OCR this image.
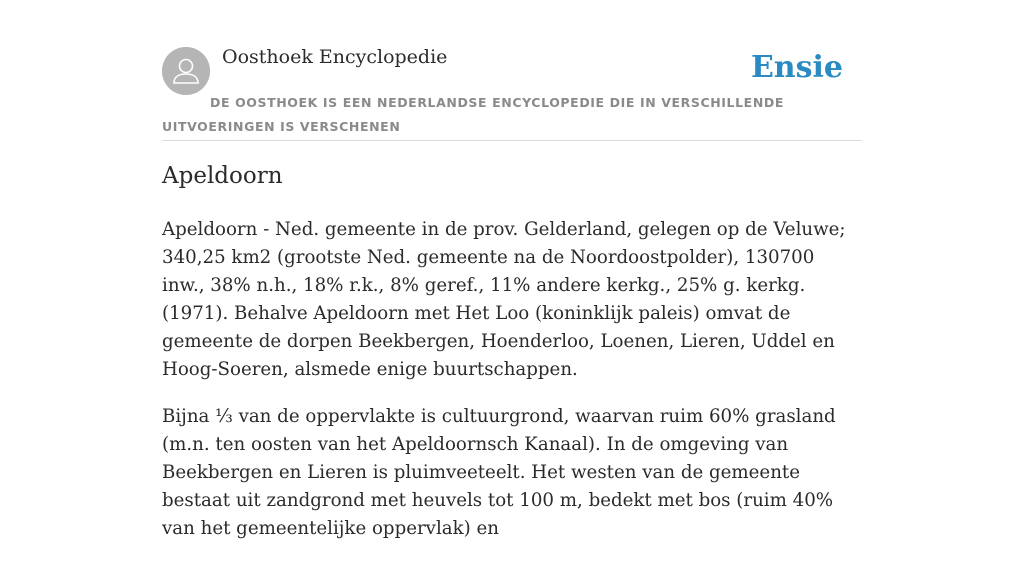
Oosthoek Encyclopedie	Ensie
DE OOSTHOEK IS EEN NEDERLANDSE ENCYCLOPEDIE DIE IN VERSCHILLENDE UITVOERINGEN IS VERSCHENEN
Apeldoorn

Apeldoorn - Ned. gemeente in de prov. Gelderland, gelegen op de Veluwe; 340,25 km2 (grootste Ned. gemeente na de Noordoostpolder), 130700 inw., 38% n.h., 18% r.k., 8% geref., 11% andere kerkg., 25% g. kerkg. (1971). Behalve Apeldoorn met Het Loo (koninklijk paleis) omvat de gemeente de dorpen Beekbergen, Hoenderloo, Loenen, Lieren, Uddel en Hoog-Soeren, alsmede enige buurtschappen.

Bijna ⅓ van de oppervlakte is cultuurgrond, waarvan ruim 60% grasland (m.n. ten oosten van het Apeldoornsch Kanaal). In de omgeving van Beekbergen en Lieren is pluimveeteelt. Het westen van de gemeente bestaat uit zandgrond met heuvels tot 100 m, bedekt met bos (ruim 40% van het gemeentelijke oppervlak) en
